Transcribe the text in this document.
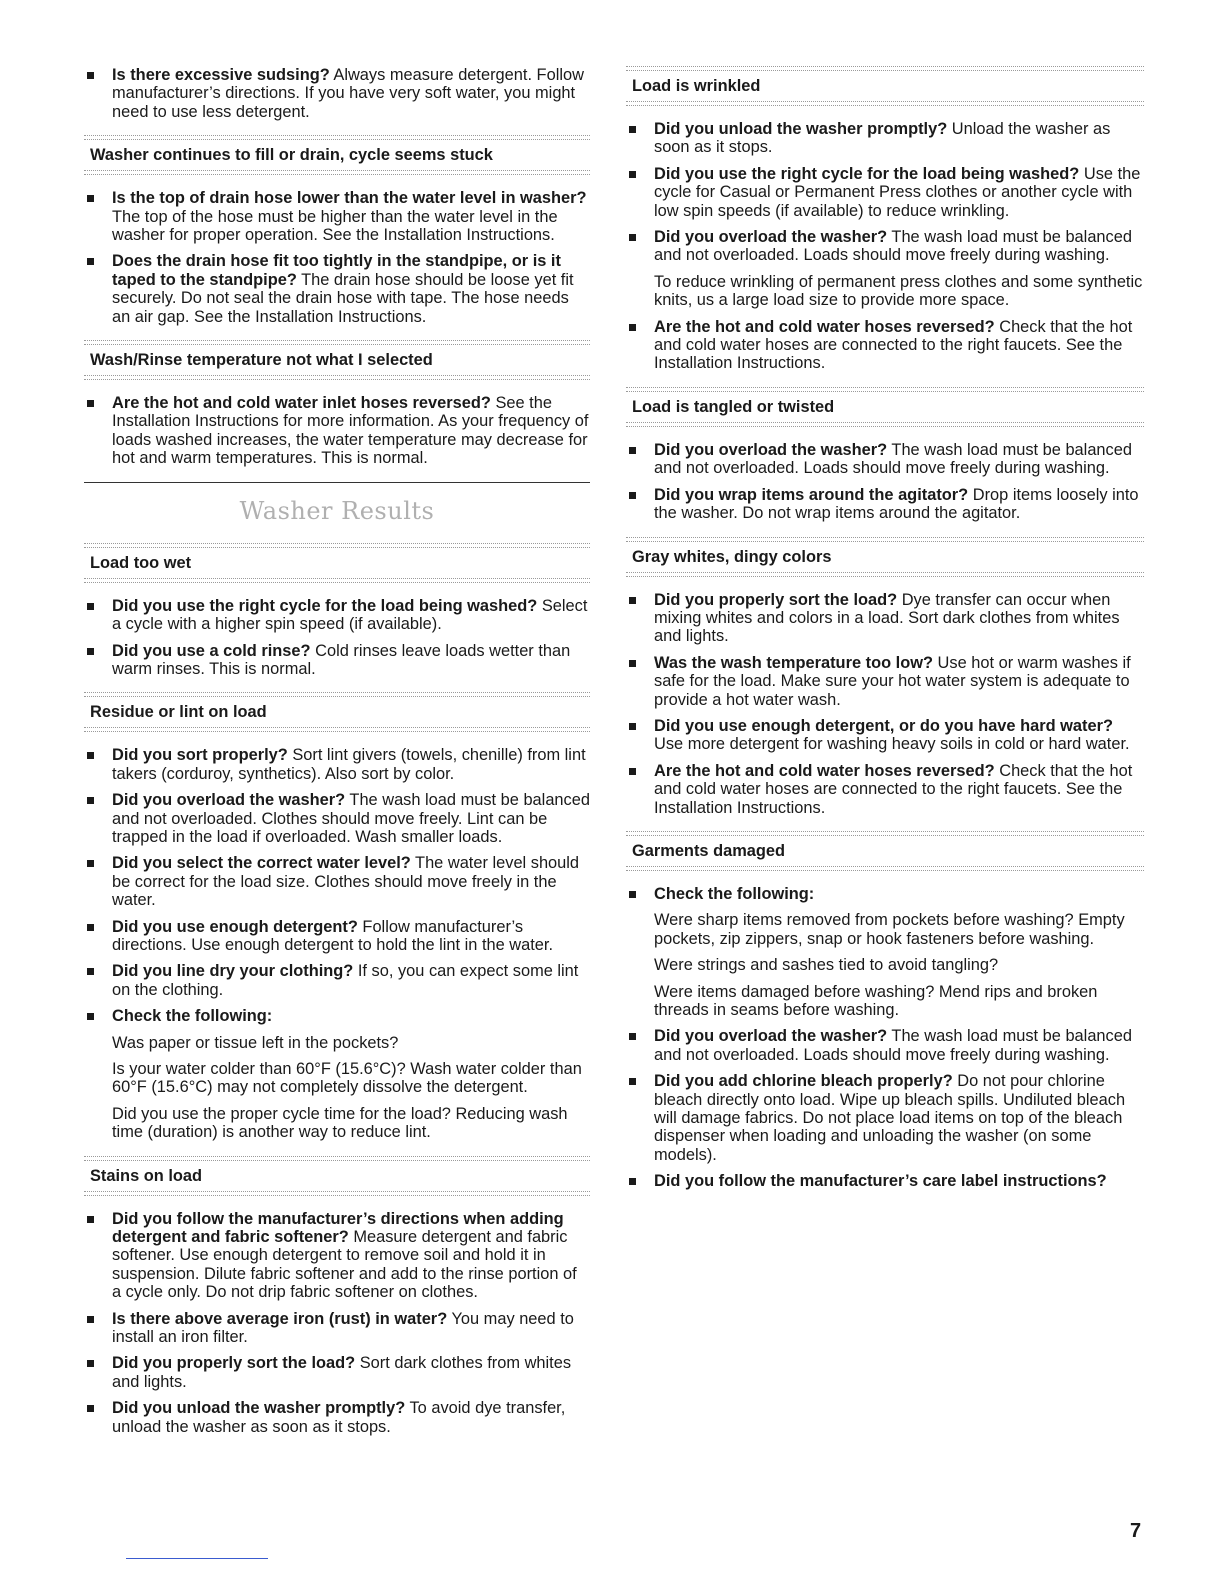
Is there excessive sudsing? Always measure detergent. Follow manufacturer’s directions. If you have very soft water, you might need to use less detergent.
Washer continues to fill or drain, cycle seems stuck
Is the top of drain hose lower than the water level in washer? The top of the hose must be higher than the water level in the washer for proper operation. See the Installation Instructions.
Does the drain hose fit too tightly in the standpipe, or is it taped to the standpipe? The drain hose should be loose yet fit securely. Do not seal the drain hose with tape. The hose needs an air gap. See the Installation Instructions.
Wash/Rinse temperature not what I selected
Are the hot and cold water inlet hoses reversed? See the Installation Instructions for more information. As your frequency of loads washed increases, the water temperature may decrease for hot and warm temperatures. This is normal.
Washer Results
Load too wet
Did you use the right cycle for the load being washed? Select a cycle with a higher spin speed (if available).
Did you use a cold rinse? Cold rinses leave loads wetter than warm rinses. This is normal.
Residue or lint on load
Did you sort properly? Sort lint givers (towels, chenille) from lint takers (corduroy, synthetics). Also sort by color.
Did you overload the washer? The wash load must be balanced and not overloaded. Clothes should move freely. Lint can be trapped in the load if overloaded. Wash smaller loads.
Did you select the correct water level? The water level should be correct for the load size. Clothes should move freely in the water.
Did you use enough detergent? Follow manufacturer’s directions. Use enough detergent to hold the lint in the water.
Did you line dry your clothing? If so, you can expect some lint on the clothing.
Check the following:
Was paper or tissue left in the pockets?
Is your water colder than 60°F (15.6°C)? Wash water colder than 60°F (15.6°C) may not completely dissolve the detergent.
Did you use the proper cycle time for the load? Reducing wash time (duration) is another way to reduce lint.
Stains on load
Did you follow the manufacturer’s directions when adding detergent and fabric softener? Measure detergent and fabric softener. Use enough detergent to remove soil and hold it in suspension. Dilute fabric softener and add to the rinse portion of a cycle only. Do not drip fabric softener on clothes.
Is there above average iron (rust) in water? You may need to install an iron filter.
Did you properly sort the load? Sort dark clothes from whites and lights.
Did you unload the washer promptly? To avoid dye transfer, unload the washer as soon as it stops.
Load is wrinkled
Did you unload the washer promptly? Unload the washer as soon as it stops.
Did you use the right cycle for the load being washed? Use the cycle for Casual or Permanent Press clothes or another cycle with low spin speeds (if available) to reduce wrinkling.
Did you overload the washer? The wash load must be balanced and not overloaded. Loads should move freely during washing.
To reduce wrinkling of permanent press clothes and some synthetic knits, us a large load size to provide more space.
Are the hot and cold water hoses reversed? Check that the hot and cold water hoses are connected to the right faucets. See the Installation Instructions.
Load is tangled or twisted
Did you overload the washer? The wash load must be balanced and not overloaded. Loads should move freely during washing.
Did you wrap items around the agitator? Drop items loosely into the washer. Do not wrap items around the agitator.
Gray whites, dingy colors
Did you properly sort the load? Dye transfer can occur when mixing whites and colors in a load. Sort dark clothes from whites and lights.
Was the wash temperature too low? Use hot or warm washes if safe for the load. Make sure your hot water system is adequate to provide a hot water wash.
Did you use enough detergent, or do you have hard water? Use more detergent for washing heavy soils in cold or hard water.
Are the hot and cold water hoses reversed? Check that the hot and cold water hoses are connected to the right faucets. See the Installation Instructions.
Garments damaged
Check the following:
Were sharp items removed from pockets before washing? Empty pockets, zip zippers, snap or hook fasteners before washing.
Were strings and sashes tied to avoid tangling?
Were items damaged before washing? Mend rips and broken threads in seams before washing.
Did you overload the washer? The wash load must be balanced and not overloaded. Loads should move freely during washing.
Did you add chlorine bleach properly? Do not pour chlorine bleach directly onto load. Wipe up bleach spills. Undiluted bleach will damage fabrics. Do not place load items on top of the bleach dispenser when loading and unloading the washer (on some models).
Did you follow the manufacturer’s care label instructions?
7
